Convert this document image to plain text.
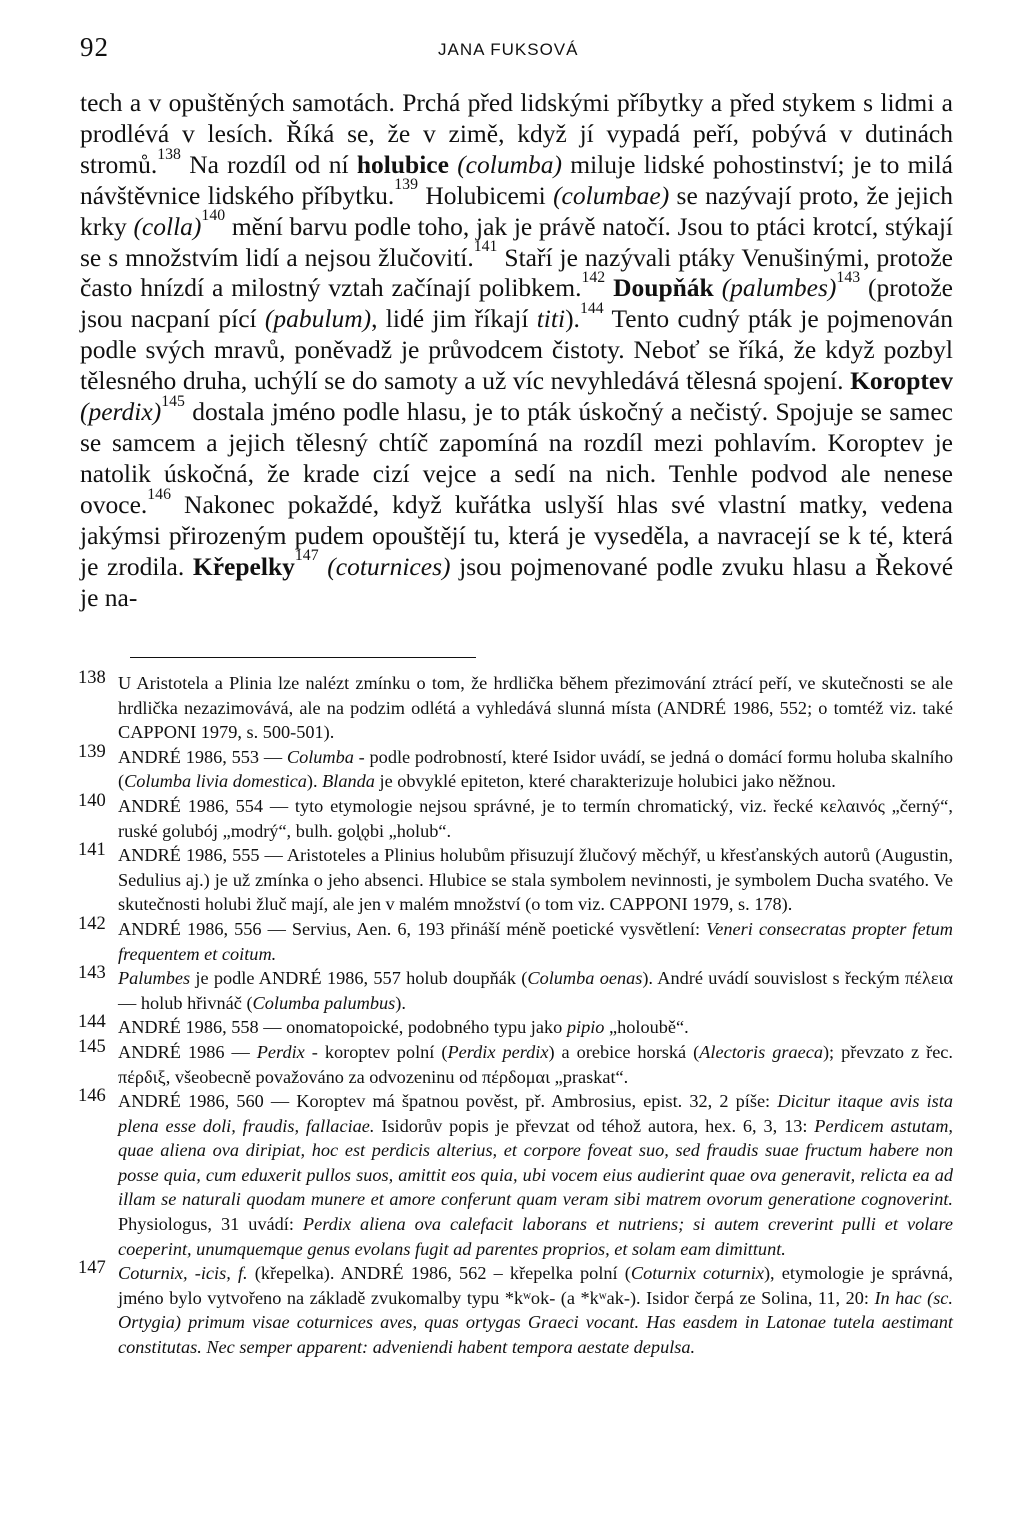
92	JANA FUKSOVÁ

tech a v opuštěných samotách. Prchá před lidskými příbytky a před stykem s lidmi a prodlévá v lesích. Říká se, že v zimě, když jí vypadá peří, pobývá v dutinách stromů.$^{138}$ Na rozdíl od ní holubice (columba) miluje lidské pohostinství; je to milá návštěvnice lidského příbytku.$^{139}$ Holubicemi (columbae) se nazývají proto, že jejich krky (colla)$^{140}$ mění barvu podle toho, jak je právě natočí. Jsou to ptáci krotcí, stýkají se s množstvím lidí a nejsou žlučovití.$^{141}$ Staří je nazývali ptáky Venušinými, protože často hnízdí a milostný vztah začínají polibkem.$^{142}$ Doupňák (palumbes)$^{143}$ (protože jsou nacpaní pící (pabulum), lidé jim říkají titi).$^{144}$ Tento cudný pták je pojmenován podle svých mravů, poněvadž je průvodcem čistoty. Neboť se říká, že když pozbyl tělesného druha, uchýlí se do samoty a už víc nevyhledává tělesná spojení. Koroptev (perdix)$^{145}$ dostala jméno podle hlasu, je to pták úskočný a nečistý. Spojuje se samec se samcem a jejich tělesný chtíč zapomíná na rozdíl mezi pohlavím. Koroptev je natolik úskočná, že krade cizí vejce a sedí na nich. Tenhle podvod ale nenese ovoce.$^{146}$ Nakonec pokaždé, když kuřátka uslyší hlas své vlastní matky, vedena jakýmsi přirozeným pudem opouštějí tu, která je vyseděla, a navracejí se k té, která je zrodila. Křepelky$^{147}$ (coturnices) jsou pojmenované podle zvuku hlasu a Řekové je na-

138 U Aristotela a Plinia lze nalézt zmínku o tom, že hrdlička během přezimování ztrácí peří, ve skutečnosti se ale hrdlička nezazimovává, ale na podzim odlétá a vyhledává slunná místa (ANDRÉ 1986, 552; o tomtéž viz. také CAPPONI 1979, s. 500-501).
139 ANDRÉ 1986, 553 — Columba - podle podrobností, které Isidor uvádí, se jedná o domácí formu holuba skalního (Columba livia domestica). Blanda je obvyklé epiteton, které charakterizuje holubici jako něžnou.
140 ANDRÉ 1986, 554 — tyto etymologie nejsou správné, je to termín chromatický, viz. řecké κελαινός „černý“, ruské golubój „modrý“, bulh. gol̨ǫbi „holub“.
141 ANDRÉ 1986, 555 — Aristoteles a Plinius holubům přisuzují žlučový měchýř, u křesťanských autorů (Augustin, Sedulius aj.) je už zmínka o jeho absenci. Hlubice se stala symbolem nevinnosti, je symbolem Ducha svatého. Ve skutečnosti holubi žluč mají, ale jen v malém množství (o tom viz. CAPPONI 1979, s. 178).
142 ANDRÉ 1986, 556 — Servius, Aen. 6, 193 přináší méně poetické vysvětlení: Veneri consecratas propter fetum frequentem et coitum.
143 Palumbes je podle ANDRÉ 1986, 557 holub doupňák (Columba oenas). André uvádí souvislost s řeckým πέλεια — holub hřivnáč (Columba palumbus).
144 ANDRÉ 1986, 558 — onomatopoické, podobného typu jako pipio „holoubě“.
145 ANDRÉ 1986 — Perdix - koroptev polní (Perdix perdix) a orebice horská (Alectoris graeca); převzato z řec. πέρδιξ, všeobecně považováno za odvozeninu od πέρδομαι „praskat“.
146 ANDRÉ 1986, 560 — Koroptev má špatnou pověst, př. Ambrosius, epist. 32, 2 píše: Dicitur itaque avis ista plena esse doli, fraudis, fallaciae. Isidorův popis je převzat od téhož autora, hex. 6, 3, 13: Perdicem astutam, quae aliena ova diripiat, hoc est perdicis alterius, et corpore foveat suo, sed fraudis suae fructum habere non posse quia, cum eduxerit pullos suos, amittit eos quia, ubi vocem eius audierint quae ova generavit, relicta ea ad illam se naturali quodam munere et amore conferunt quam veram sibi matrem ovorum generatione cognoverint. Physiologus, 31 uvádí: Perdix aliena ova calefacit laborans et nutriens; si autem creverint pulli et volare coeperint, unumquemque genus evolans fugit ad parentes proprios, et solam eam dimittunt.
147 Coturnix, -icis, f. (křepelka). ANDRÉ 1986, 562 – křepelka polní (Coturnix coturnix), etymologie je správná, jméno bylo vytvořeno na základě zvukomalby typu *kʷok- (a *kʷak-). Isidor čerpá ze Solina, 11, 20: In hac (sc. Ortygia) primum visae coturnices aves, quas ortygas Graeci vocant. Has easdem in Latonae tutela aestimant constitutas. Nec semper apparent: adveniendi habent tempora aestate depulsa.
